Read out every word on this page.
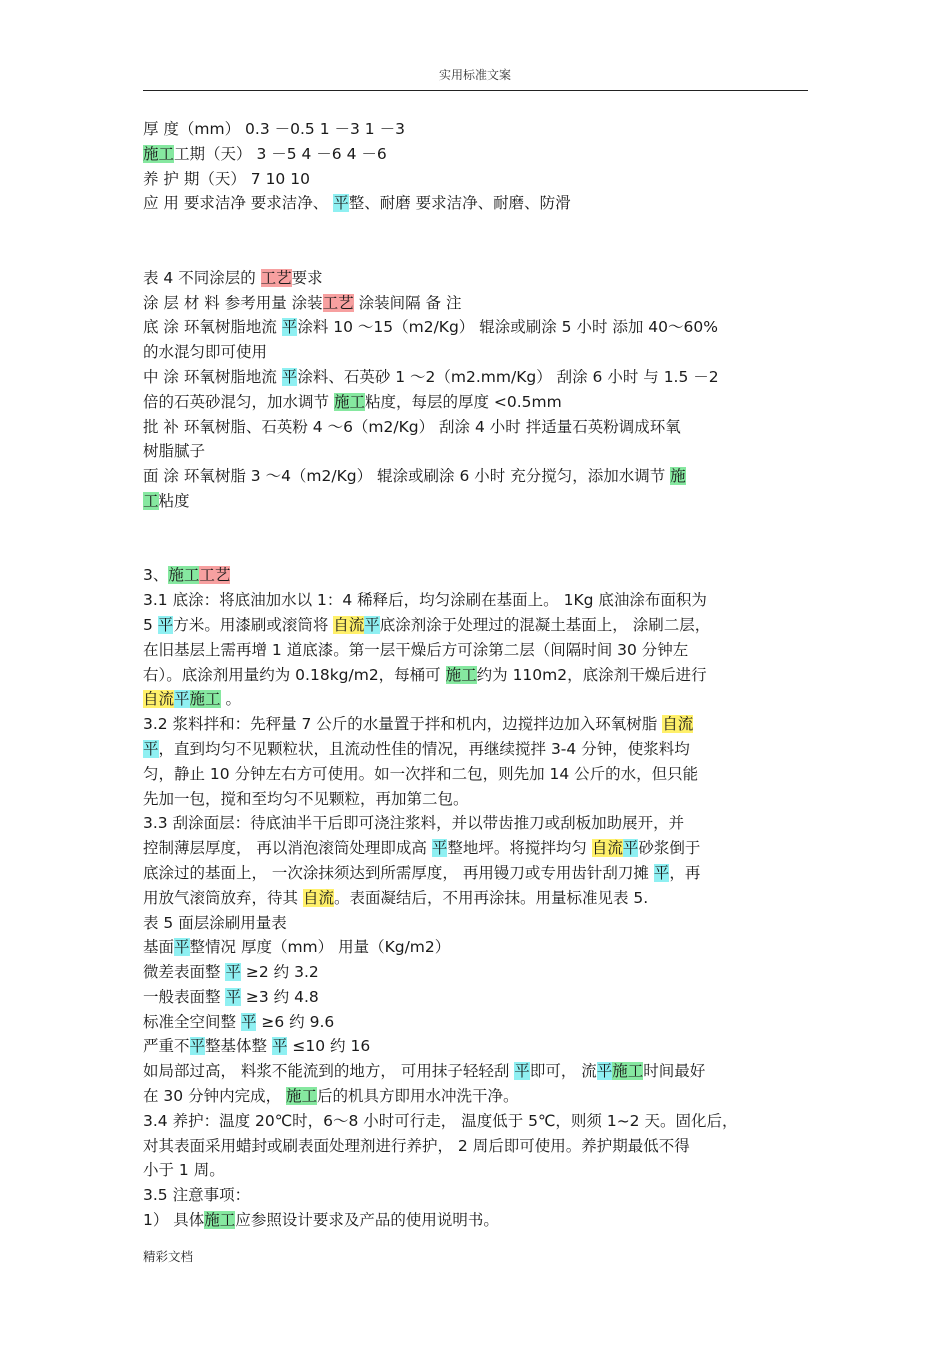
实用标准文案
厚 度（mm） 0.3 －0.5 1 －3 1 －3
施工工期（天） 3 －5 4 －6 4 －6
养 护 期（天） 7 10 10
应 用 要求洁净 要求洁净、 平整、耐磨 要求洁净、耐磨、防滑
表 4 不同涂层的 工艺要求
涂 层 材 料 参考用量 涂装工艺 涂装间隔 备 注
底 涂 环氧树脂地流 平涂料 10 ～15（m2/Kg） 辊涂或刷涂 5 小时 添加 40～60%
的水混匀即可使用
中 涂 环氧树脂地流 平涂料、石英砂 1 ～2（m2.mm/Kg） 刮涂 6 小时 与 1.5 －2
倍的石英砂混匀，加水调节 施工粘度，每层的厚度 <0.5mm
批 补 环氧树脂、石英粉 4 ～6（m2/Kg） 刮涂 4 小时 拌适量石英粉调成环氧
树脂腻子
面 涂 环氧树脂 3 ～4（m2/Kg） 辊涂或刷涂 6 小时 充分搅匀，添加水调节 施
工粘度
3、施工工艺
3.1 底涂：将底油加水以 1：4 稀释后，均匀涂刷在基面上。 1Kg 底油涂布面积为
5 平方米。用漆刷或滚筒将 自流平底涂剂涂于处理过的混凝土基面上， 涂刷二层，
在旧基层上需再增 1 道底漆。第一层干燥后方可涂第二层（间隔时间 30 分钟左
右）。底涂剂用量约为 0.18kg/m2，每桶可 施工约为 110m2，底涂剂干燥后进行
自流平施工 。
3.2 浆料拌和：先秤量 7 公斤的水量置于拌和机内，边搅拌边加入环氧树脂 自流
平，直到均匀不见颗粒状，且流动性佳的情况，再继续搅拌 3-4 分钟，使浆料均
匀，静止 10 分钟左右方可使用。如一次拌和二包，则先加 14 公斤的水，但只能
先加一包，搅和至均匀不见颗粒，再加第二包。
3.3 刮涂面层：待底油半干后即可浇注浆料，并以带齿推刀或刮板加助展开，并
控制薄层厚度， 再以消泡滚筒处理即成高 平整地坪。将搅拌均匀 自流平砂浆倒于
底涂过的基面上， 一次涂抹须达到所需厚度， 再用镘刀或专用齿针刮刀摊 平，再
用放气滚筒放弃，待其 自流。表面凝结后，不用再涂抹。用量标准见表 5.
表 5 面层涂刷用量表
基面平整情况 厚度（mm） 用量（Kg/m2）
微差表面整 平 ≥2 约 3.2
一般表面整 平 ≥3 约 4.8
标准全空间整 平 ≥6 约 9.6
严重不平整基体整 平 ≤10 约 16
如局部过高， 料浆不能流到的地方， 可用抹子轻轻刮 平即可， 流平施工时间最好
在 30 分钟内完成， 施工后的机具方即用水冲洗干净。
3.4 养护：温度 20℃时，6～8 小时可行走， 温度低于 5℃，则须 1~2 天。固化后，
对其表面采用蜡封或刷表面处理剂进行养护， 2 周后即可使用。养护期最低不得
小于 1 周。
3.5 注意事项：
1） 具体施工应参照设计要求及产品的使用说明书。
精彩文档
